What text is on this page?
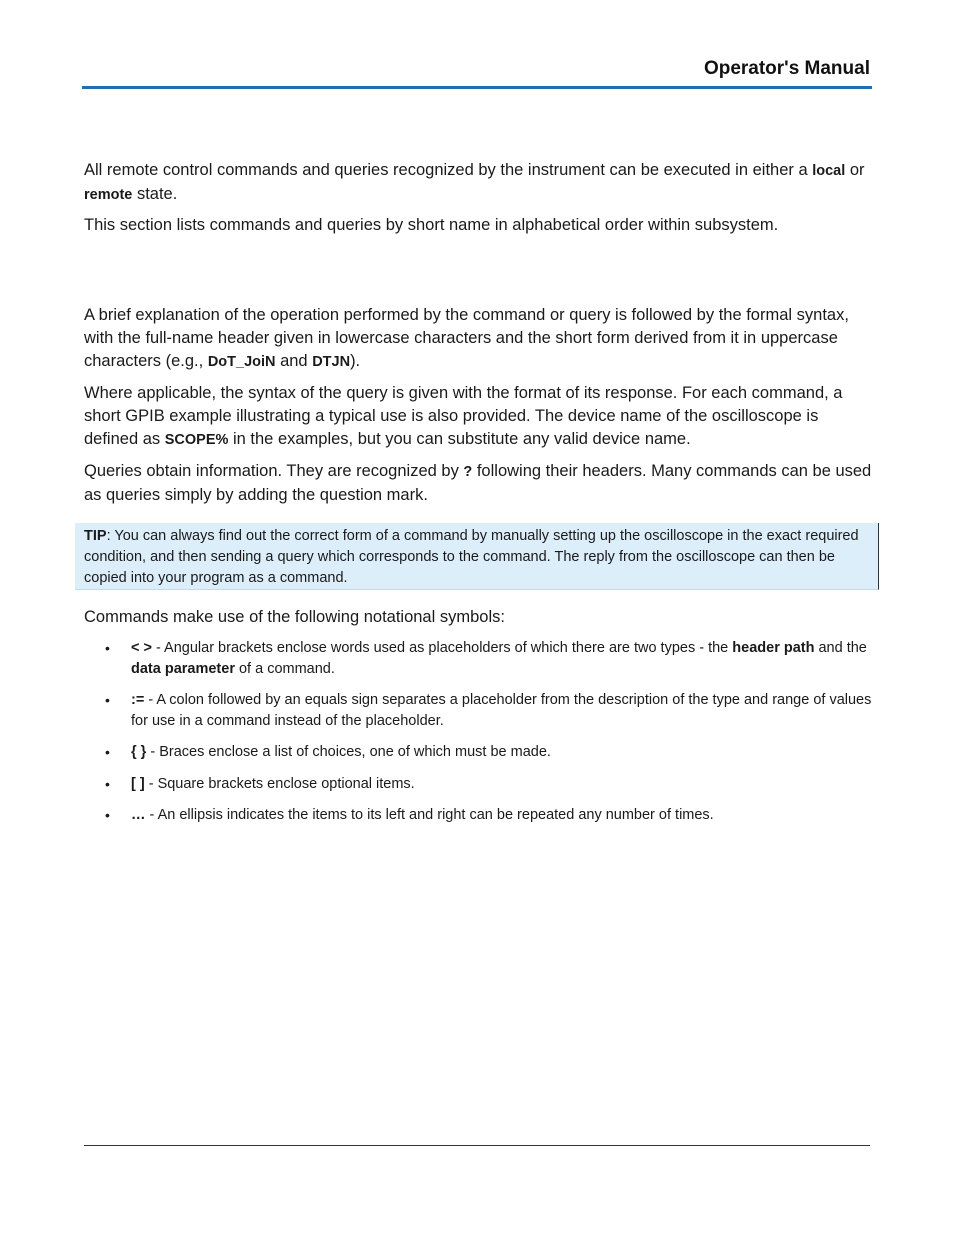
Operator's Manual

All remote control commands and queries recognized by the instrument can be executed in either a local or remote state.

This section lists commands and queries by short name in alphabetical order within subsystem.

A brief explanation of the operation performed by the command or query is followed by the formal syntax, with the full-name header given in lowercase characters and the short form derived from it in uppercase characters (e.g., DoT_JoiN and DTJN).

Where applicable, the syntax of the query is given with the format of its response. For each command, a short GPIB example illustrating a typical use is also provided. The device name of the oscilloscope is defined as SCOPE% in the examples, but you can substitute any valid device name.

Queries obtain information. They are recognized by ? following their headers. Many commands can be used as queries simply by adding the question mark.

TIP: You can always find out the correct form of a command by manually setting up the oscilloscope in the exact required condition, and then sending a query which corresponds to the command. The reply from the oscilloscope can then be copied into your program as a command.

Commands make use of the following notational symbols:

• < > - Angular brackets enclose words used as placeholders of which there are two types - the header path and the data parameter of a command.
• := - A colon followed by an equals sign separates a placeholder from the description of the type and range of values for use in a command instead of the placeholder.
• { } - Braces enclose a list of choices, one of which must be made.
• [ ] - Square brackets enclose optional items.
• … - An ellipsis indicates the items to its left and right can be repeated any number of times.
